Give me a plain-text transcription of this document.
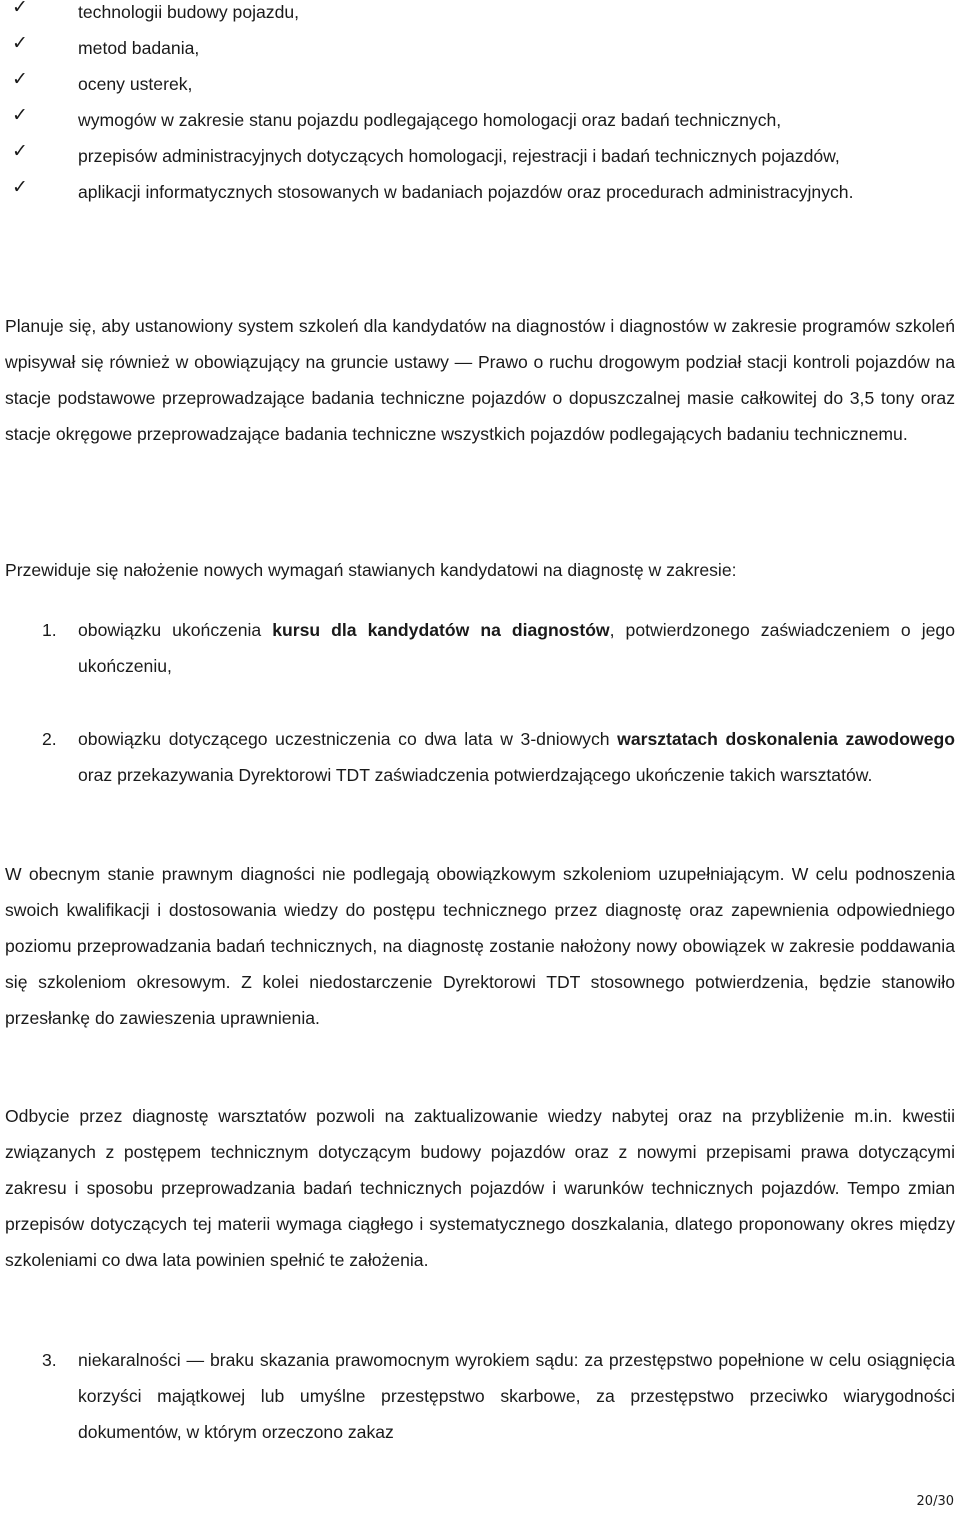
✓	technologii budowy pojazdu,
✓	metod badania,
✓	oceny usterek,
✓	wymogów w zakresie stanu pojazdu podlegającego homologacji oraz badań technicznych,
✓	przepisów administracyjnych dotyczących homologacji, rejestracji i badań technicznych pojazdów,
✓	aplikacji informatycznych stosowanych w badaniach pojazdów oraz procedurach administracyjnych.

Planuje się, aby ustanowiony system szkoleń dla kandydatów na diagnostów i diagnostów w zakresie programów szkoleń wpisywał się również w obowiązujący na gruncie ustawy — Prawo o ruchu drogowym podział stacji kontroli pojazdów na stacje podstawowe przeprowadzające badania techniczne pojazdów o dopuszczalnej masie całkowitej do 3,5 tony oraz stacje okręgowe przeprowadzające badania techniczne wszystkich pojazdów podlegających badaniu technicznemu.

Przewiduje się nałożenie nowych wymagań stawianych kandydatowi na diagnostę w zakresie:

1. obowiązku ukończenia kursu dla kandydatów na diagnostów, potwierdzonego zaświadczeniem o jego ukończeniu,
2. obowiązku dotyczącego uczestniczenia co dwa lata w 3-dniowych warsztatach doskonalenia zawodowego oraz przekazywania Dyrektorowi TDT zaświadczenia potwierdzającego ukończenie takich warsztatów.

W obecnym stanie prawnym diagności nie podlegają obowiązkowym szkoleniom uzupełniającym. W celu podnoszenia swoich kwalifikacji i dostosowania wiedzy do postępu technicznego przez diagnostę oraz zapewnienia odpowiedniego poziomu przeprowadzania badań technicznych, na diagnostę zostanie nałożony nowy obowiązek w zakresie poddawania się szkoleniom okresowym. Z kolei niedostarczenie Dyrektorowi TDT stosownego potwierdzenia, będzie stanowiło przesłankę do zawieszenia uprawnienia.

Odbycie przez diagnostę warsztatów pozwoli na zaktualizowanie wiedzy nabytej oraz na przybliżenie m.in. kwestii związanych z postępem technicznym dotyczącym budowy pojazdów oraz z nowymi przepisami prawa dotyczącymi zakresu i sposobu przeprowadzania badań technicznych pojazdów i warunków technicznych pojazdów. Tempo zmian przepisów dotyczących tej materii wymaga ciągłego i systematycznego doszkalania, dlatego proponowany okres między szkoleniami co dwa lata powinien spełnić te założenia.

3. niekaralności — braku skazania prawomocnym wyrokiem sądu: za przestępstwo popełnione w celu osiągnięcia korzyści majątkowej lub umyślne przestępstwo skarbowe, za przestępstwo przeciwko wiarygodności dokumentów, w którym orzeczono zakaz
20/30
